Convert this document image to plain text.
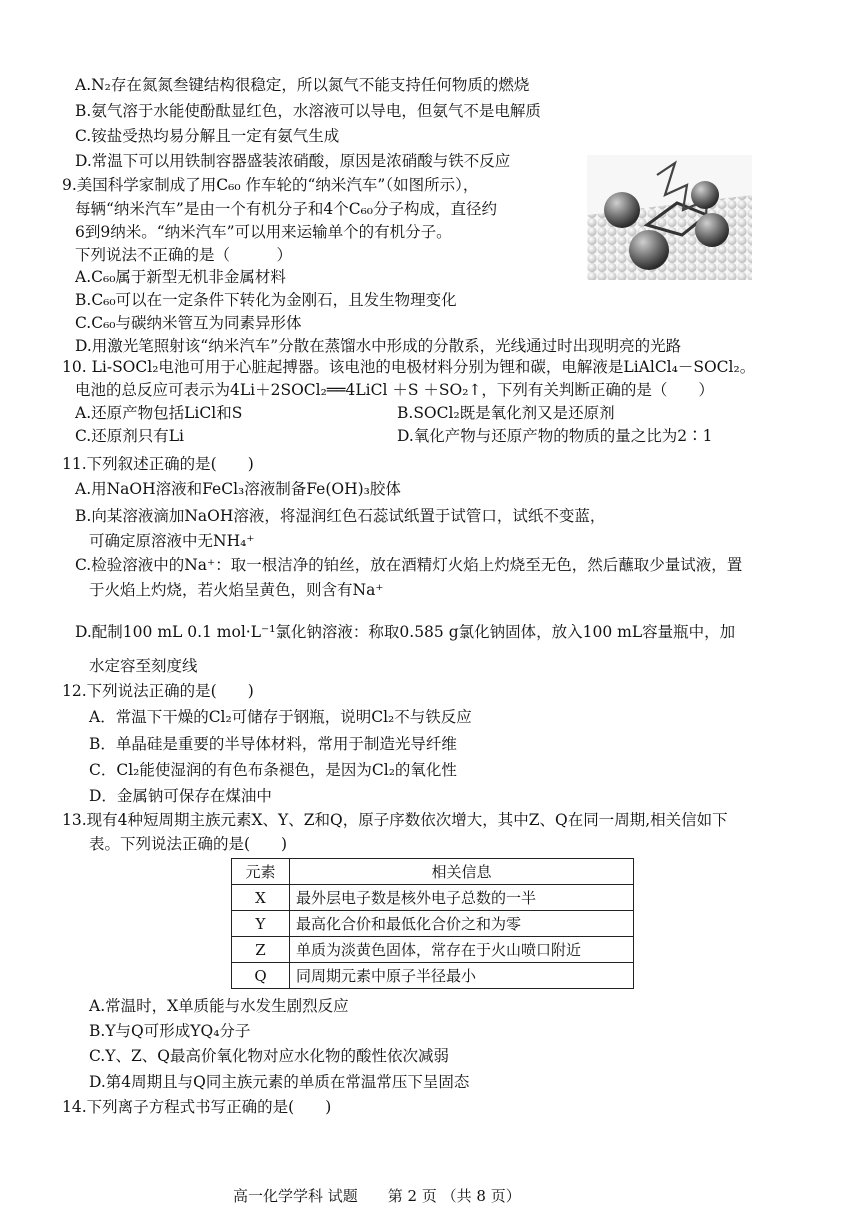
A.N₂存在氮氮叁键结构很稳定，所以氮气不能支持任何物质的燃烧
B.氨气溶于水能使酚酞显红色，水溶液可以导电，但氨气不是电解质
C.铵盐受热均易分解且一定有氨气生成
D.常温下可以用铁制容器盛装浓硝酸，原因是浓硝酸与铁不反应
9.美国科学家制成了用C₆₀ 作车轮的“纳米汽车”（如图所示），
每辆“纳米汽车”是由一个有机分子和4个C₆₀分子构成，直径约
6到9纳米。“纳米汽车”可以用来运输单个的有机分子。
下列说法不正确的是（　　　）
A.C₆₀属于新型无机非金属材料
B.C₆₀可以在一定条件下转化为金刚石，且发生物理变化
C.C₆₀与碳纳米管互为同素异形体
D.用激光笔照射该“纳米汽车”分散在蒸馏水中形成的分散系，光线通过时出现明亮的光路
10. Li-SOCl₂电池可用于心脏起搏器。该电池的电极材料分别为锂和碳，电解液是LiAlCl₄－SOCl₂。
电池的总反应可表示为4Li＋2SOCl₂══4LiCl ＋S ＋SO₂↑，下列有关判断正确的是（　　）
A.还原产物包括LiCl和S	B.SOCl₂既是氧化剂又是还原剂
C.还原剂只有Li	D.氧化产物与还原产物的物质的量之比为2∶1
11.下列叙述正确的是(　　)
A.用NaOH溶液和FeCl₃溶液制备Fe(OH)₃胶体
B.向某溶液滴加NaOH溶液，将湿润红色石蕊试纸置于试管口，试纸不变蓝，
可确定原溶液中无NH₄⁺
C.检验溶液中的Na⁺：取一根洁净的铂丝，放在酒精灯火焰上灼烧至无色，然后蘸取少量试液，置
于火焰上灼烧，若火焰呈黄色，则含有Na⁺
D.配制100 mL 0.1 mol·L⁻¹氯化钠溶液：称取0.585 g氯化钠固体，放入100 mL容量瓶中，加
水定容至刻度线
12.下列说法正确的是(　　)
A．常温下干燥的Cl₂可储存于钢瓶，说明Cl₂不与铁反应
B．单晶硅是重要的半导体材料，常用于制造光导纤维
C．Cl₂能使湿润的有色布条褪色，是因为Cl₂的氧化性
D．金属钠可保存在煤油中
13.现有4种短周期主族元素X、Y、Z和Q，原子序数依次增大，其中Z、Q在同一周期,相关信如下
表。下列说法正确的是(　　)
元素	相关信息
X	最外层电子数是核外电子总数的一半
Y	最高化合价和最低化合价之和为零
Z	单质为淡黄色固体，常存在于火山喷口附近
Q	同周期元素中原子半径最小
A.常温时，X单质能与水发生剧烈反应
B.Y与Q可形成YQ₄分子
C.Y、Z、Q最高价氧化物对应水化物的酸性依次减弱
D.第4周期且与Q同主族元素的单质在常温常压下呈固态
14.下列离子方程式书写正确的是(　　)
高一化学学科 试题　　第 2 页 （共 8 页）
